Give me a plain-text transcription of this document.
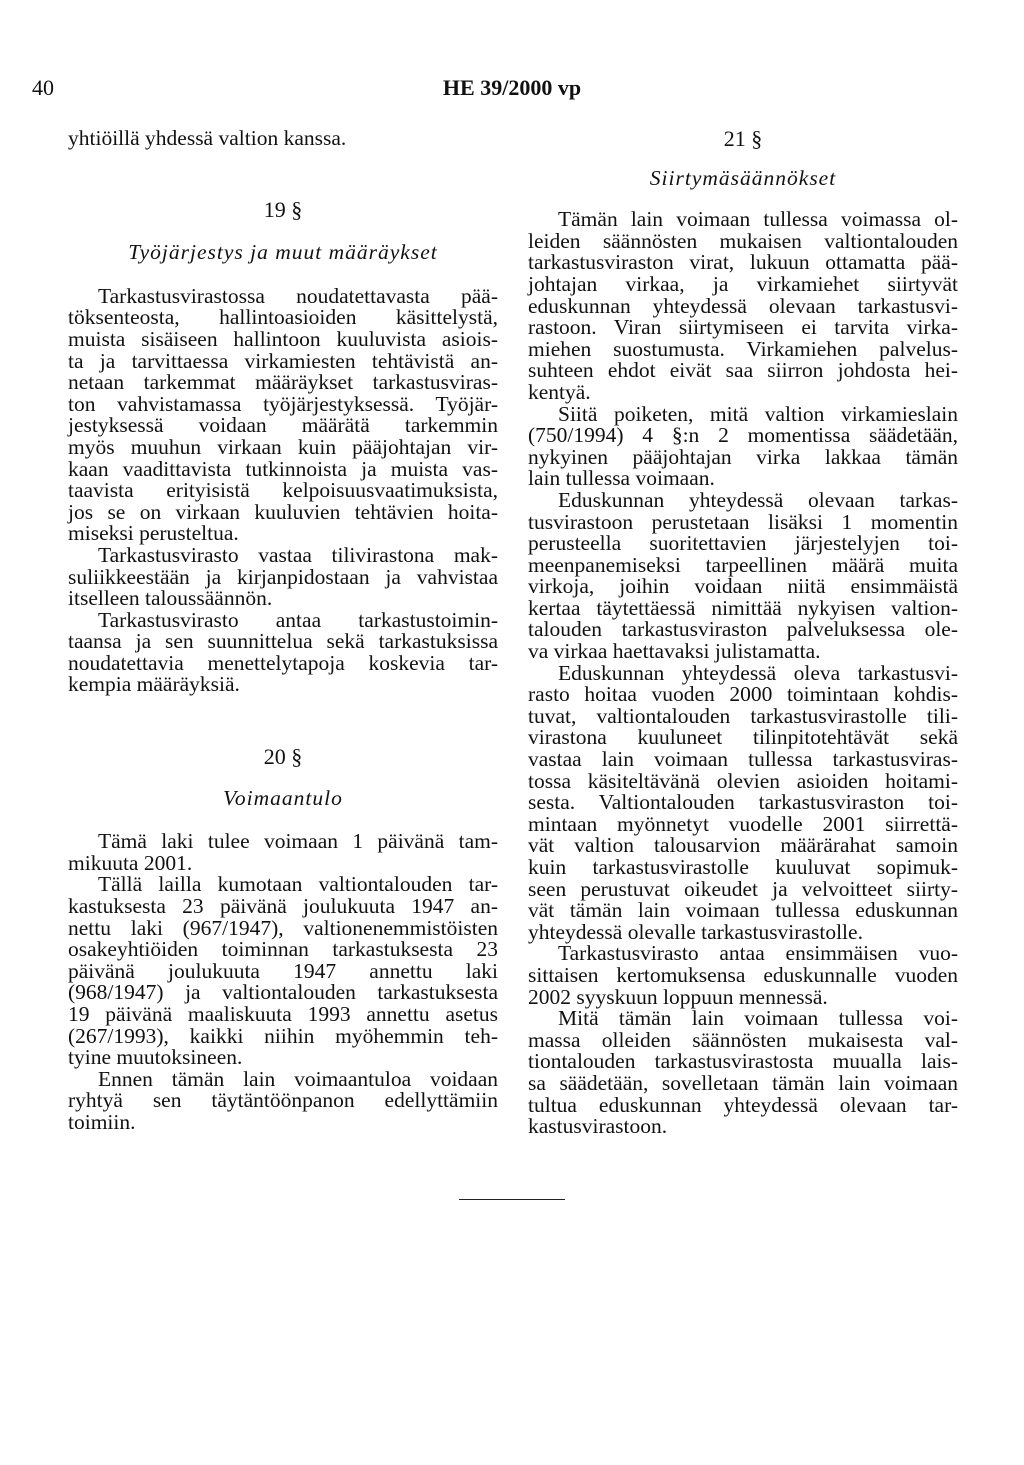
40	HE 39/2000 vp
yhtiöillä yhdessä valtion kanssa.
19 §
Työjärjestys ja muut määräykset
Tarkastusvirastossa noudatettavasta pää-
töksenteosta, hallintoasioiden käsittelystä,
muista sisäiseen hallintoon kuuluvista asiois-
ta ja tarvittaessa virkamiesten tehtävistä an-
netaan tarkemmat määräykset tarkastusviras-
ton vahvistamassa työjärjestyksessä. Työjär-
jestyksessä voidaan määrätä tarkemmin
myös muuhun virkaan kuin pääjohtajan vir-
kaan vaadittavista tutkinnoista ja muista vas-
taavista erityisistä kelpoisuusvaatimuksista,
jos se on virkaan kuuluvien tehtävien hoita-
miseksi perusteltua.
Tarkastusvirasto vastaa tilivirastona mak-
suliikkeestään ja kirjanpidostaan ja vahvistaa
itselleen taloussäännön.
Tarkastusvirasto antaa tarkastustoimin-
taansa ja sen suunnittelua sekä tarkastuksissa
noudatettavia menettelytapoja koskevia tar-
kempia määräyksiä.
20 §
Voimaantulo
Tämä laki tulee voimaan 1 päivänä tam-
mikuuta 2001.
Tällä lailla kumotaan valtiontalouden tar-
kastuksesta 23 päivänä joulukuuta 1947 an-
nettu laki (967/1947), valtionenemmistöisten
osakeyhtiöiden toiminnan tarkastuksesta 23
päivänä joulukuuta 1947 annettu laki
(968/1947) ja valtiontalouden tarkastuksesta
19 päivänä maaliskuuta 1993 annettu asetus
(267/1993), kaikki niihin myöhemmin teh-
tyine muutoksineen.
Ennen tämän lain voimaantuloa voidaan
ryhtyä sen täytäntöönpanon edellyttämiin
toimiin.
21 §
Siirtymäsäännökset
Tämän lain voimaan tullessa voimassa ol-
leiden säännösten mukaisen valtiontalouden
tarkastusviraston virat, lukuun ottamatta pää-
johtajan virkaa, ja virkamiehet siirtyvät
eduskunnan yhteydessä olevaan tarkastusvi-
rastoon. Viran siirtymiseen ei tarvita virka-
miehen suostumusta. Virkamiehen palvelus-
suhteen ehdot eivät saa siirron johdosta hei-
kentyä.
Siitä poiketen, mitä valtion virkamieslain
(750/1994) 4 §:n 2 momentissa säädetään,
nykyinen pääjohtajan virka lakkaa tämän
lain tullessa voimaan.
Eduskunnan yhteydessä olevaan tarkas-
tusvirastoon perustetaan lisäksi 1 momentin
perusteella suoritettavien järjestelyjen toi-
meenpanemiseksi tarpeellinen määrä muita
virkoja, joihin voidaan niitä ensimmäistä
kertaa täytettäessä nimittää nykyisen valtion-
talouden tarkastusviraston palveluksessa ole-
va virkaa haettavaksi julistamatta.
Eduskunnan yhteydessä oleva tarkastusvi-
rasto hoitaa vuoden 2000 toimintaan kohdis-
tuvat, valtiontalouden tarkastusvirastolle tili-
virastona kuuluneet tilinpitotehtävät sekä
vastaa lain voimaan tullessa tarkastusviras-
tossa käsiteltävänä olevien asioiden hoitami-
sesta. Valtiontalouden tarkastusviraston toi-
mintaan myönnetyt vuodelle 2001 siirrettä-
vät valtion talousarvion määrärahat samoin
kuin tarkastusvirastolle kuuluvat sopimuk-
seen perustuvat oikeudet ja velvoitteet siirty-
vät tämän lain voimaan tullessa eduskunnan
yhteydessä olevalle tarkastusvirastolle.
Tarkastusvirasto antaa ensimmäisen vuo-
sittaisen kertomuksensa eduskunnalle vuoden
2002 syyskuun loppuun mennessä.
Mitä tämän lain voimaan tullessa voi-
massa olleiden säännösten mukaisesta val-
tiontalouden tarkastusvirastosta muualla lais-
sa säädetään, sovelletaan tämän lain voimaan
tultua eduskunnan yhteydessä olevaan tar-
kastusvirastoon.
